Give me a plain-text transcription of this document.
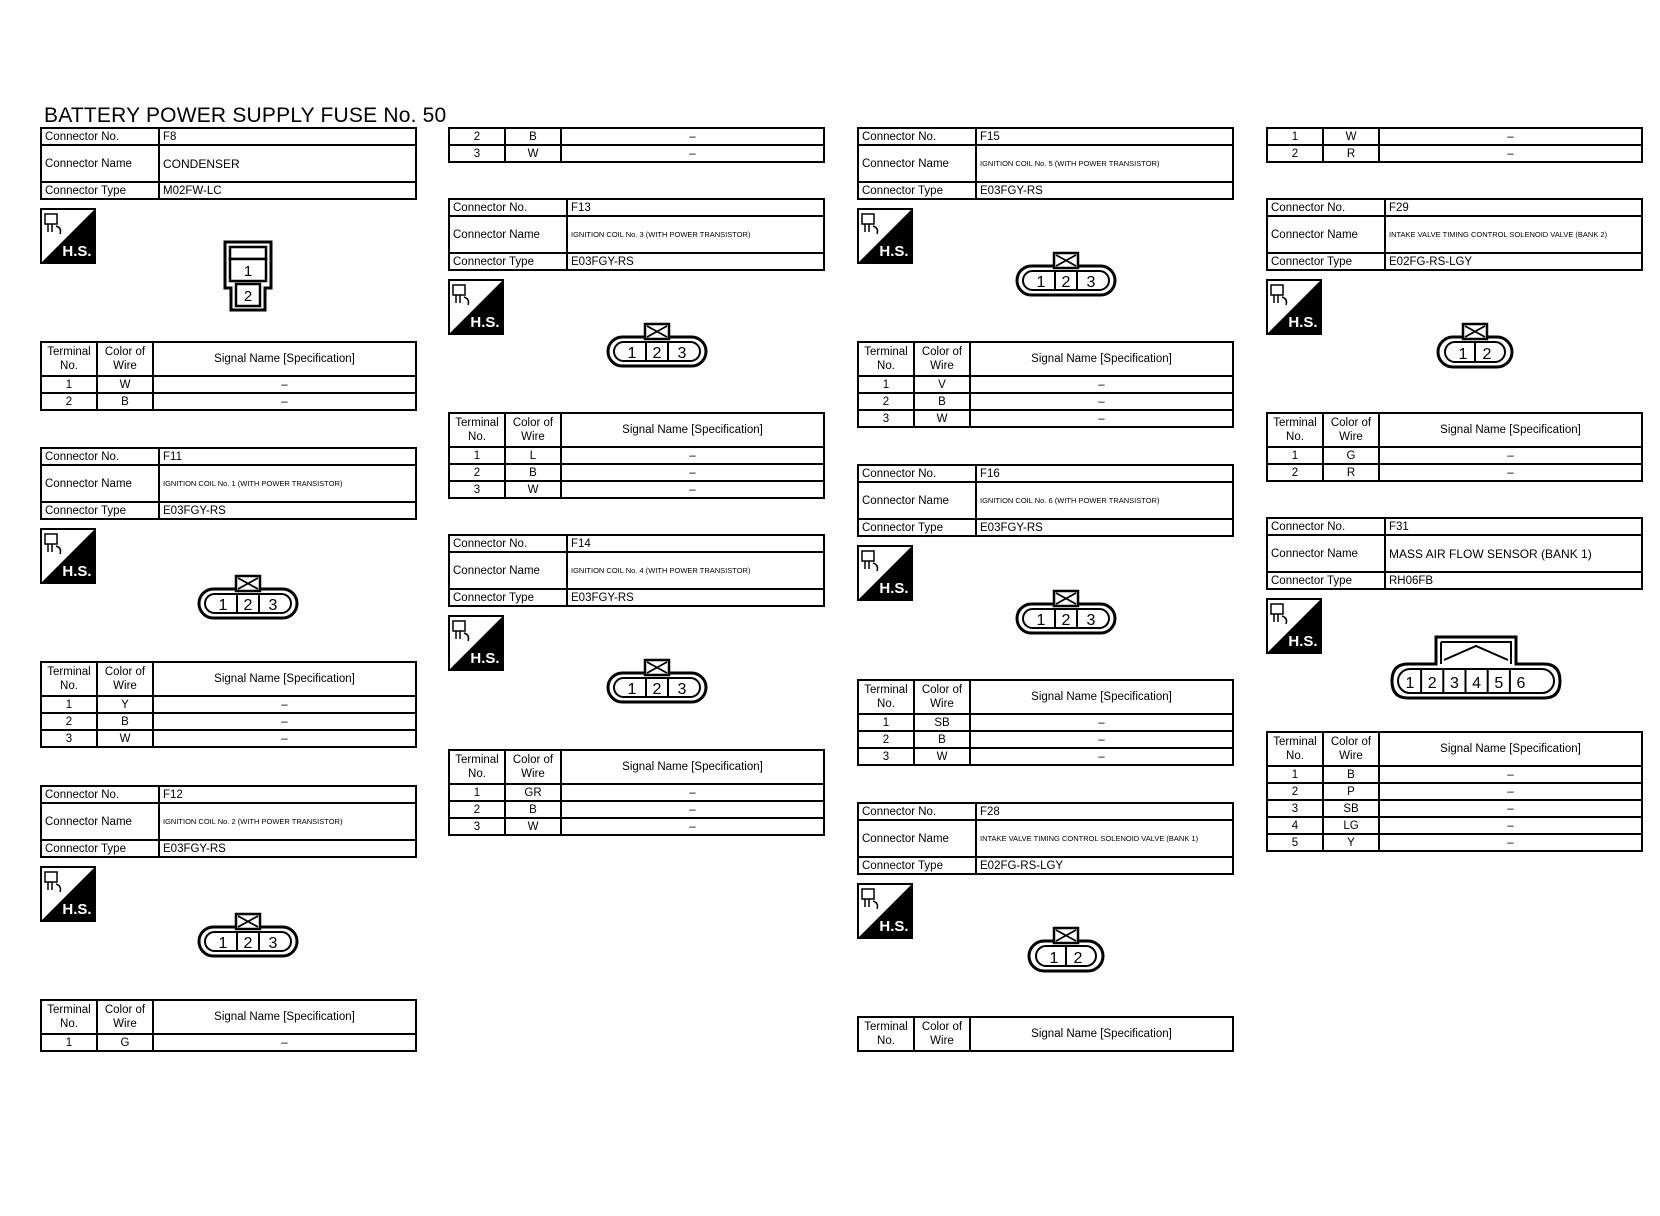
BATTERY POWER SUPPLY FUSE No. 50
Connector No.	F8
Connector Name	CONDENSER
Connector Type	M02FW-LC
H.S.
1
2
Terminal No.	Color of Wire	Signal Name [Specification]
1	W	–
2	B	–
Connector No.	F11
Connector Name	IGNITION COIL No. 1 (WITH POWER TRANSISTOR)
Connector Type	E03FGY-RS
H.S.
1 2 3
Terminal No.	Color of Wire	Signal Name [Specification]
1	Y	–
2	B	–
3	W	–
Connector No.	F12
Connector Name	IGNITION COIL No. 2 (WITH POWER TRANSISTOR)
Connector Type	E03FGY-RS
H.S.
1 2 3
Terminal No.	Color of Wire	Signal Name [Specification]
1	G	–
2	B	–
3	W	–
Connector No.	F13
Connector Name	IGNITION COIL No. 3 (WITH POWER TRANSISTOR)
Connector Type	E03FGY-RS
H.S.
1 2 3
Terminal No.	Color of Wire	Signal Name [Specification]
1	L	–
2	B	–
3	W	–
Connector No.	F14
Connector Name	IGNITION COIL No. 4 (WITH POWER TRANSISTOR)
Connector Type	E03FGY-RS
H.S.
1 2 3
Terminal No.	Color of Wire	Signal Name [Specification]
1	GR	–
2	B	–
3	W	–
Connector No.	F15
Connector Name	IGNITION COIL No. 5 (WITH POWER TRANSISTOR)
Connector Type	E03FGY-RS
H.S.
1 2 3
Terminal No.	Color of Wire	Signal Name [Specification]
1	V	–
2	B	–
3	W	–
Connector No.	F16
Connector Name	IGNITION COIL No. 6 (WITH POWER TRANSISTOR)
Connector Type	E03FGY-RS
H.S.
1 2 3
Terminal No.	Color of Wire	Signal Name [Specification]
1	SB	–
2	B	–
3	W	–
Connector No.	F28
Connector Name	INTAKE VALVE TIMING CONTROL SOLENOID VALVE (BANK 1)
Connector Type	E02FG-RS-LGY
H.S.
1 2
Terminal No.	Color of Wire	Signal Name [Specification]
1	W	–
2	R	–
Connector No.	F29
Connector Name	INTAKE VALVE TIMING CONTROL SOLENOID VALVE (BANK 2)
Connector Type	E02FG-RS-LGY
H.S.
1 2
Terminal No.	Color of Wire	Signal Name [Specification]
1	G	–
2	R	–
Connector No.	F31
Connector Name	MASS AIR FLOW SENSOR (BANK 1)
Connector Type	RH06FB
H.S.
1 2 3 4 5 6
Terminal No.	Color of Wire	Signal Name [Specification]
1	B	–
2	P	–
3	SB	–
4	LG	–
5	Y	–
